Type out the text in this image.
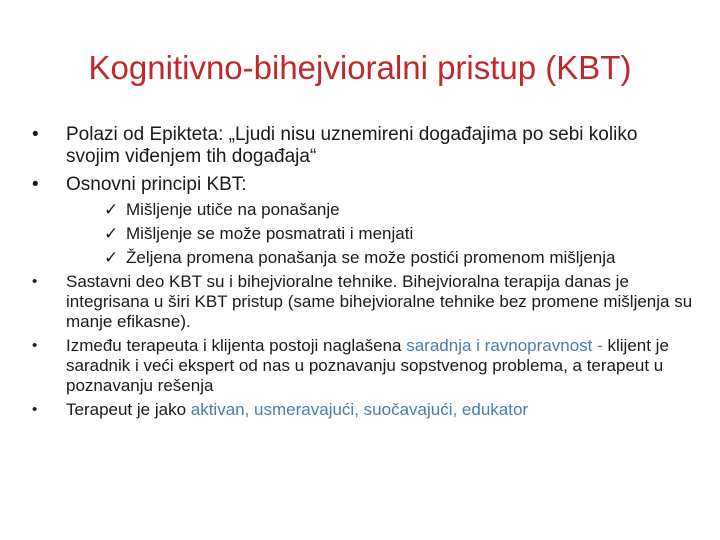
Kognitivno-bihejvioralni pristup (KBT)
• Polazi od Epikteta: „Ljudi nisu uznemireni događajima po sebi koliko svojim viđenjem tih događaja“
• Osnovni principi KBT:
✓ Mišljenje utiče na ponašanje
✓ Mišljenje se može posmatrati i menjati
✓ Željena promena ponašanja se može postići promenom mišljenja
• Sastavni deo KBT su i bihejvioralne tehnike. Bihejvioralna terapija danas je integrisana u širi KBT pristup (same bihejvioralne tehnike bez promene mišljenja su manje efikasne).
• Između terapeuta i klijenta postoji naglašena saradnja i ravnopravnost - klijent je saradnik i veći ekspert od nas u poznavanju sopstvenog problema, a terapeut u poznavanju rešenja
• Terapeut je jako aktivan, usmeravajući, suočavajući, edukator
